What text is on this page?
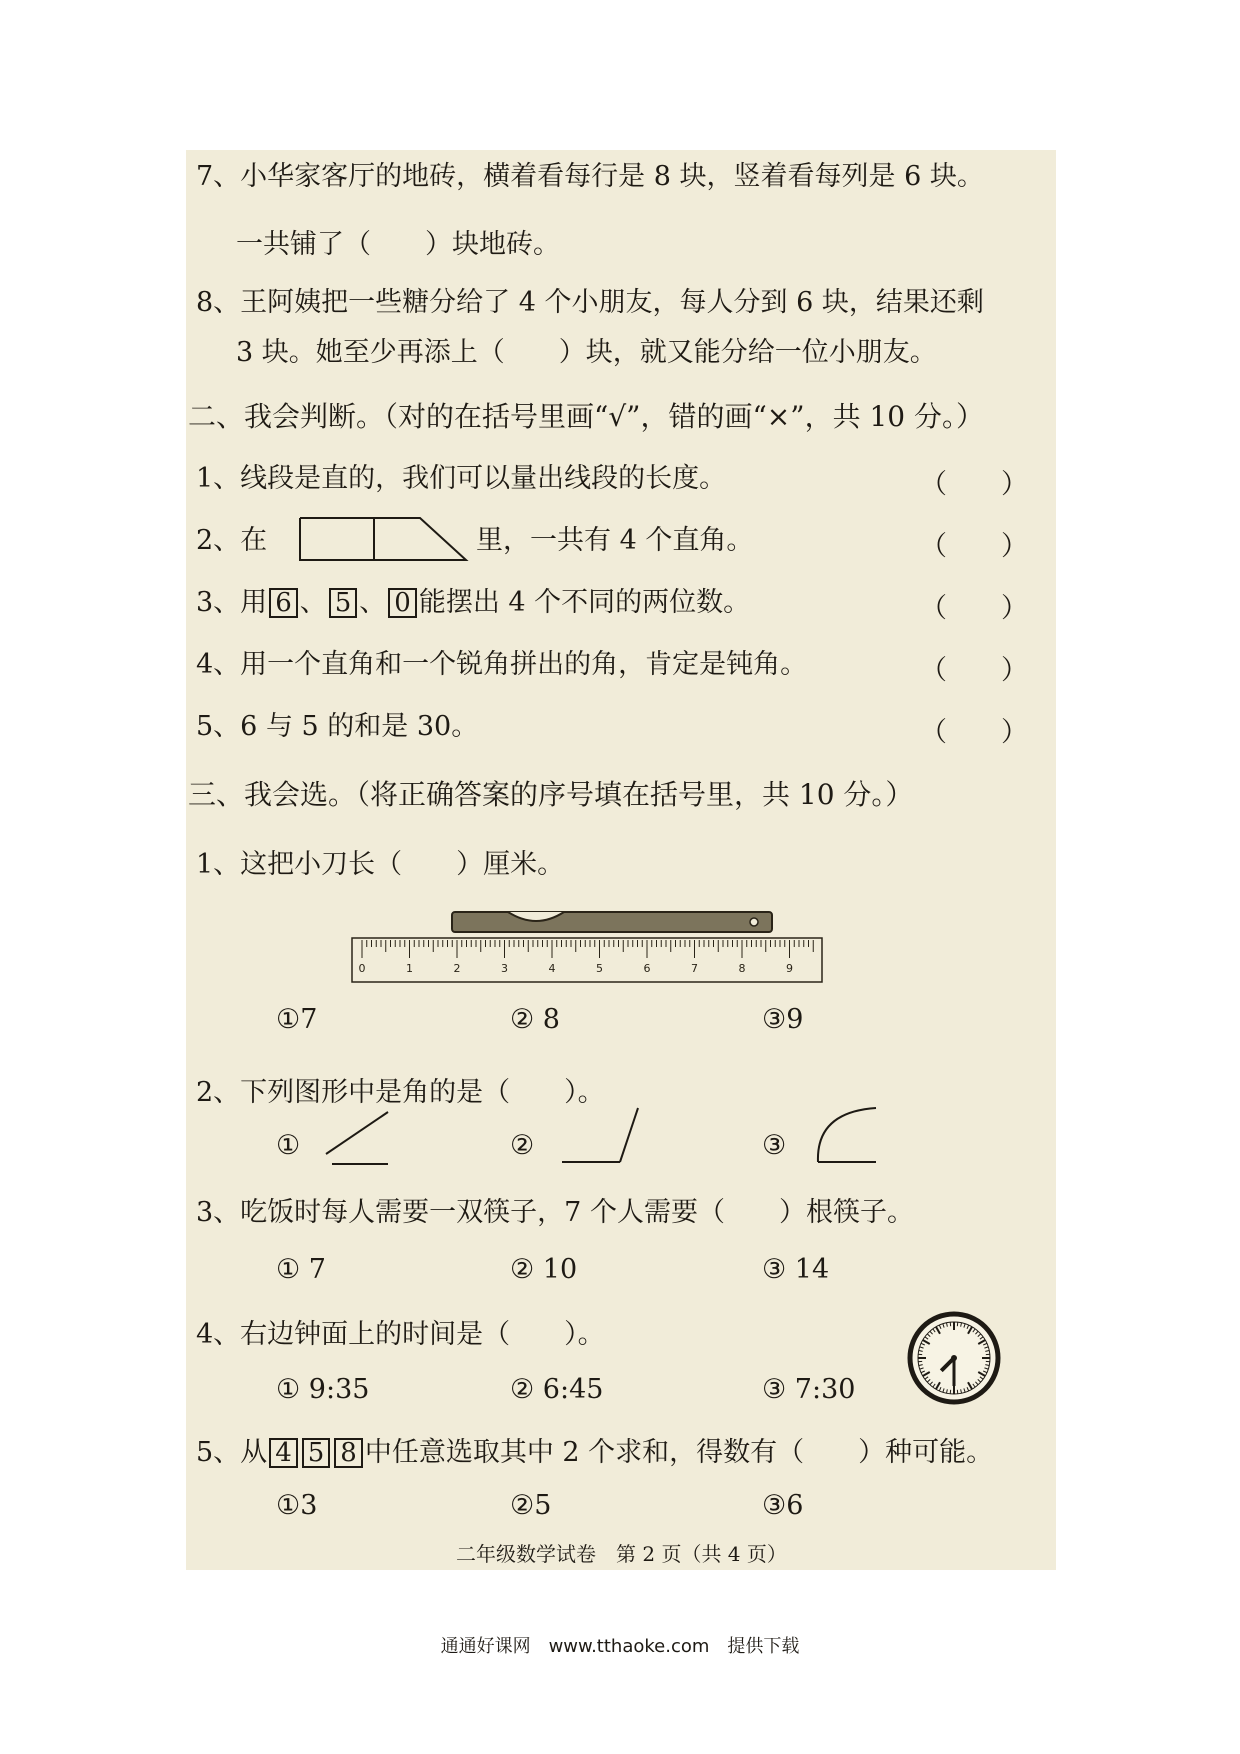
7、小华家客厅的地砖，横着看每行是 8 块，竖着看每列是 6 块。
一共铺了（　　）块地砖。
8、王阿姨把一些糖分给了 4 个小朋友，每人分到 6 块，结果还剩
3 块。她至少再添上（　　）块，就又能分给一位小朋友。
二、我会判断。（对的在括号里画“√”，错的画“×”，共 10 分。）
1、线段是直的，我们可以量出线段的长度。	（　　）
2、在	里，一共有 4 个直角。	（　　）
3、用 6 、 5 、 0 能摆出 4 个不同的两位数。	（　　）
4、用一个直角和一个锐角拼出的角，肯定是钝角。	（　　）
5、6 与 5 的和是 30。	（　　）
三、我会选。（将正确答案的序号填在括号里，共 10 分。）
1、这把小刀长（　　）厘米。
0	1	2	3	4	5	6	7	8	9
①7	② 8	③9
2、下列图形中是角的是（　　）。
①	②	③
3、吃饭时每人需要一双筷子，7 个人需要（　　）根筷子。
① 7	② 10	③ 14
4、右边钟面上的时间是（　　）。
① 9:35	② 6:45	③ 7:30
5、从 4 5 8 中任意选取其中 2 个求和，得数有（　　）种可能。
①3	②5	③6
二年级数学试卷　第 2 页（共 4 页）
通通好课网　www.tthaoke.com　提供下载
